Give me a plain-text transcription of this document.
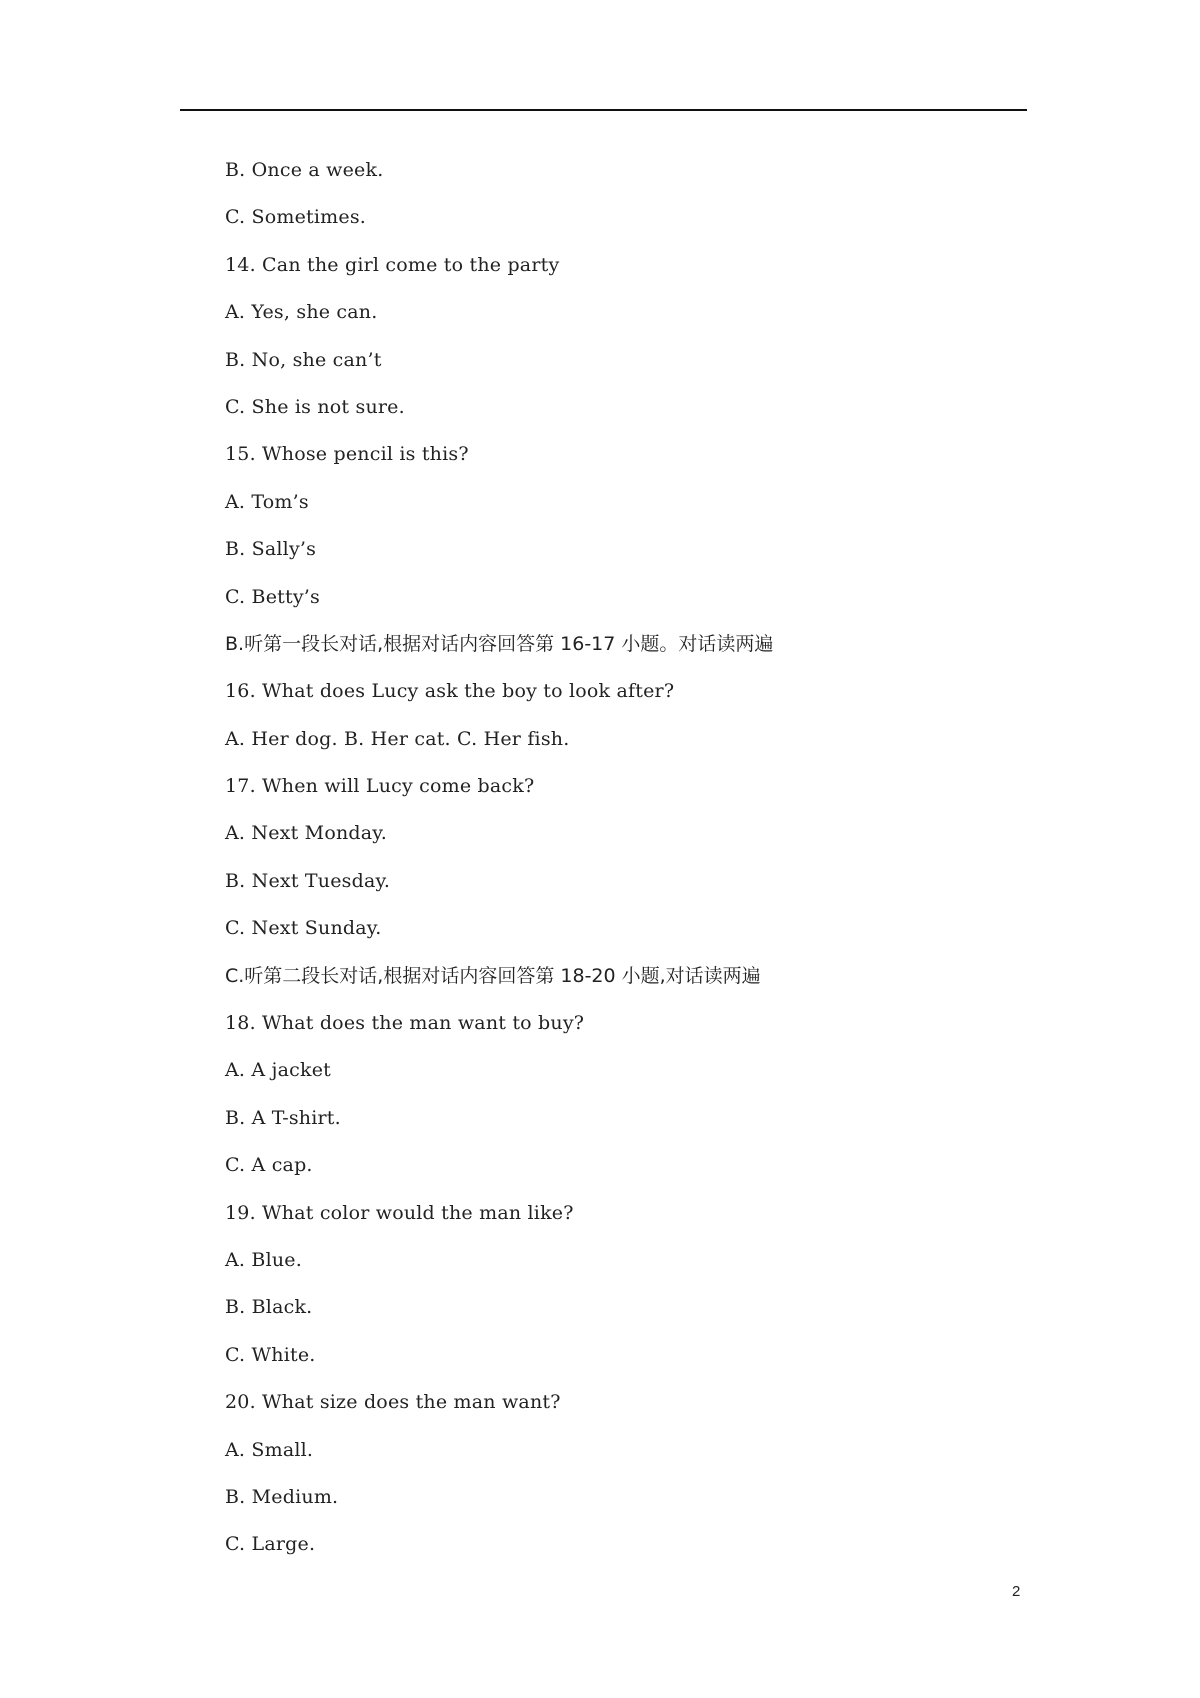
B. Once a week.
C. Sometimes.
14. Can the girl come to the party
A. Yes, she can.
B. No, she can’t
C. She is not sure.
15. Whose pencil is this?
A. Tom’s
B. Sally’s
C. Betty’s
B.听第一段长对话,根据对话内容回答第 16-17 小题。对话读两遍
16. What does Lucy ask the boy to look after?
A. Her dog. B. Her cat. C. Her fish.
17. When will Lucy come back?
A. Next Monday.
B. Next Tuesday.
C. Next Sunday.
C.听第二段长对话,根据对话内容回答第 18-20 小题,对话读两遍
18. What does the man want to buy?
A. A jacket
B. A T-shirt.
C. A cap.
19. What color would the man like?
A. Blue.
B. Black.
C. White.
20. What size does the man want?
A. Small.
B. Medium.
C. Large.
2
